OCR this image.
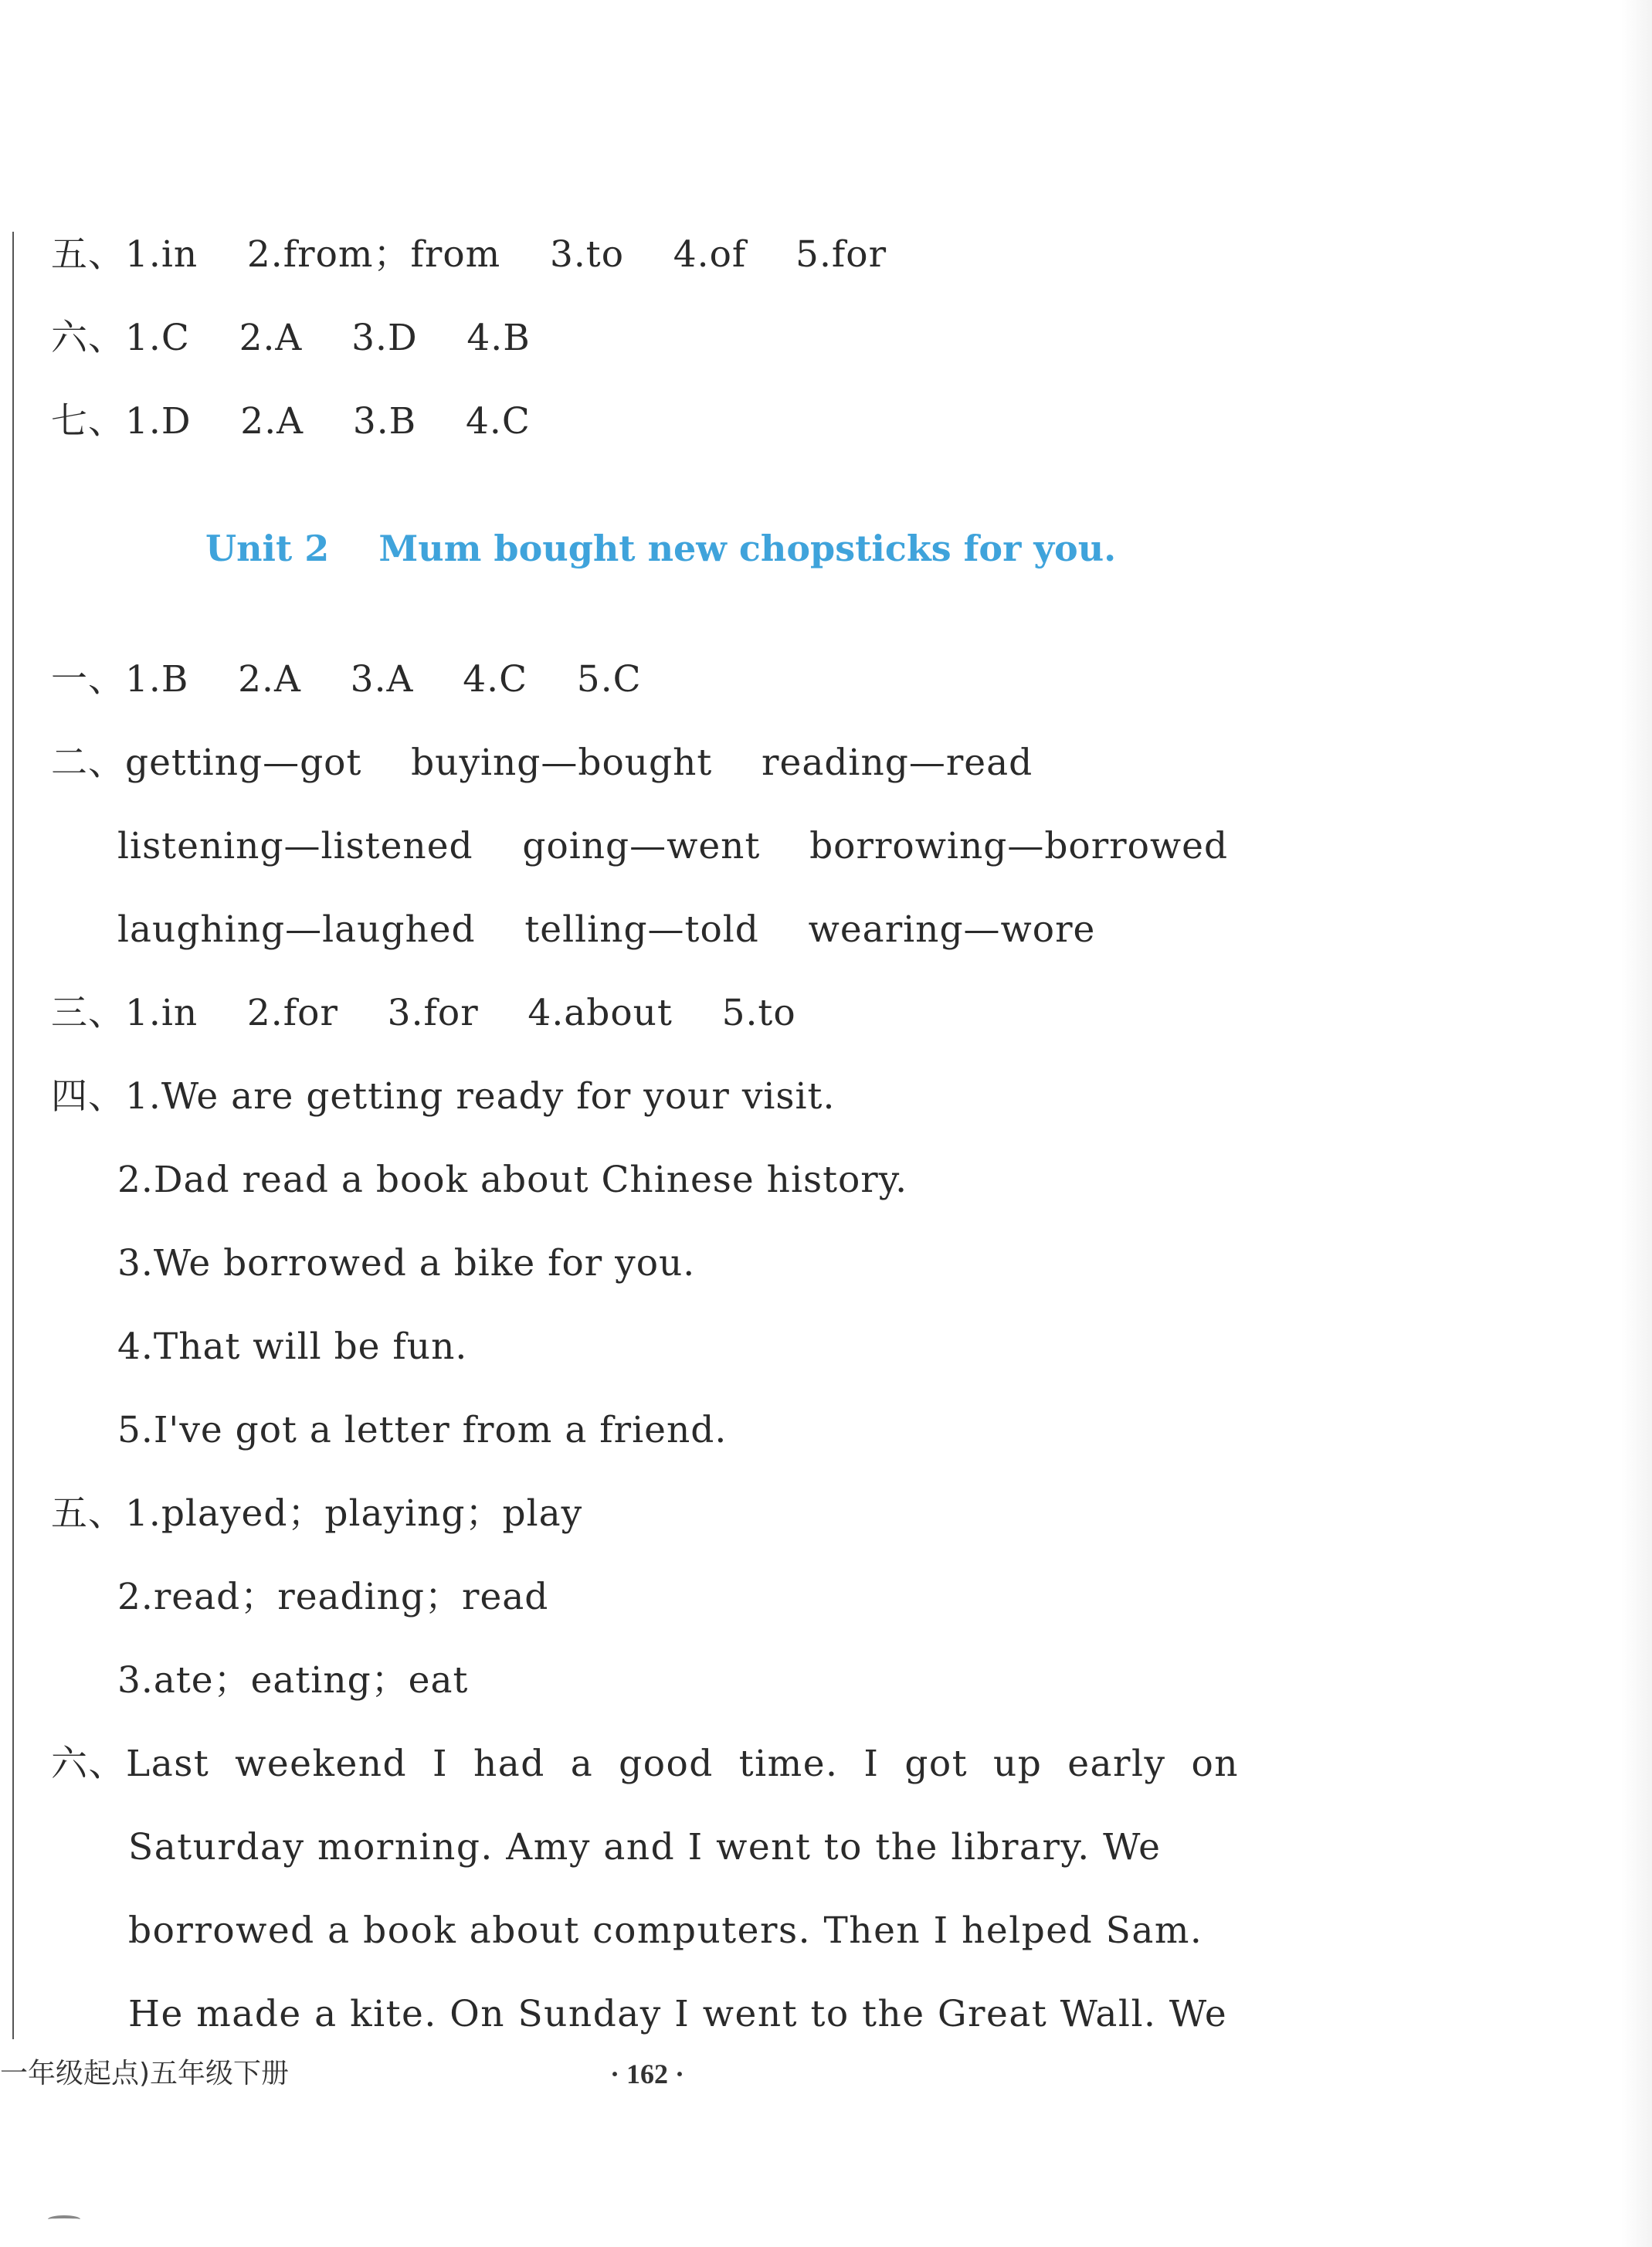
五、1.in    2.from；from    3.to    4.of    5.for
六、1.C    2.A    3.D    4.B
七、1.D    2.A    3.B    4.C
Unit 2    Mum bought new chopsticks for you.
一、1.B    2.A    3.A    4.C    5.C
二、getting—got    buying—bought    reading—read
listening—listened    going—went    borrowing—borrowed
laughing—laughed    telling—told    wearing—wore
三、1.in    2.for    3.for    4.about    5.to
四、1.We are getting ready for your visit.
2.Dad read a book about Chinese history.
3.We borrowed a bike for you.
4.That will be fun.
5.I've got a letter from a friend.
五、1.played；playing；play
2.read；reading；read
3.ate；eating；eat
六、Last  weekend  I  had  a  good  time.  I  got  up  early  on
Saturday morning. Amy and I went to the library. We
borrowed a book about computers. Then I helped Sam.
He made a kite. On Sunday I went to the Great Wall. We
一年级起点)五年级下册	· 162 ·
